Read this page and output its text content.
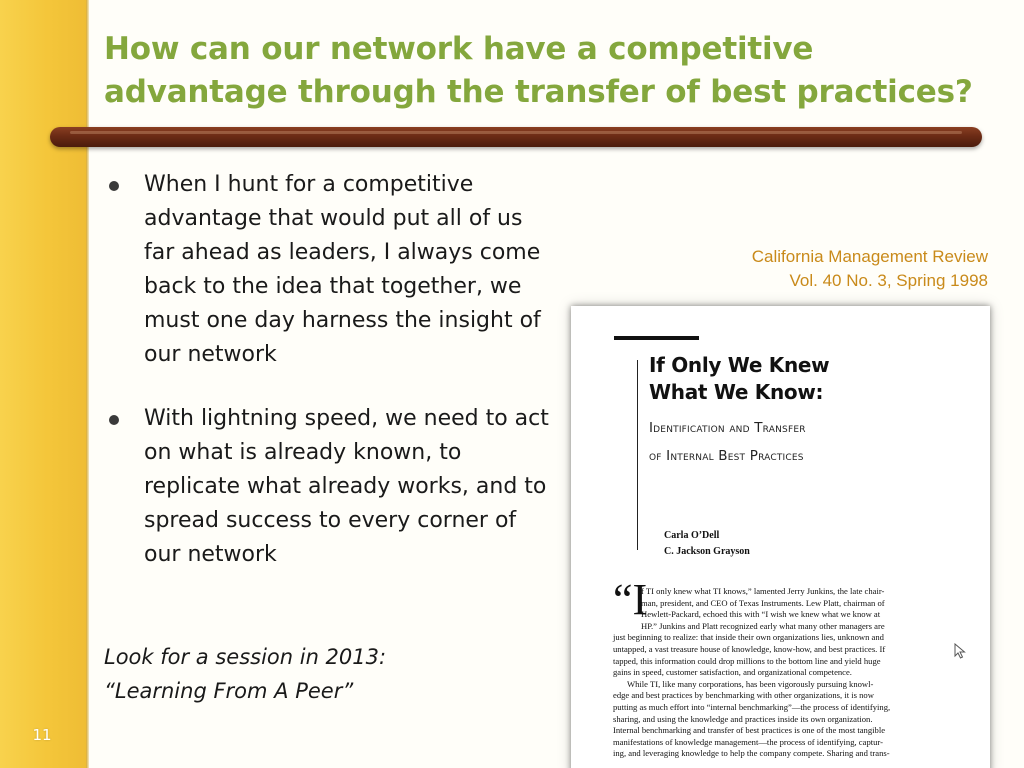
How can our network have a competitive advantage through the transfer of best practices?
When I hunt for a competitive advantage that would put all of us far ahead as leaders, I always come back to the idea that together, we must one day harness the insight of our network
With lightning speed, we need to act on what is already known, to replicate what already works, and to spread success to every corner of our network
Look for a session in 2013:
“Learning From A Peer”
California Management Review
Vol. 40 No. 3, Spring 1998
If Only We Knew
What We Know:
Identification and Transfer
of Internal Best Practices
Carla O’Dell
C. Jackson Grayson
“I
f TI only knew what TI knows,” lamented Jerry Junkins, the late chair-
man, president, and CEO of Texas Instruments. Lew Platt, chairman of
Hewlett-Packard, echoed this with “I wish we knew what we know at
HP.” Junkins and Platt recognized early what many other managers are
just beginning to realize: that inside their own organizations lies, unknown and
untapped, a vast treasure house of knowledge, know-how, and best practices. If
tapped, this information could drop millions to the bottom line and yield huge
gains in speed, customer satisfaction, and organizational competence.
While TI, like many corporations, has been vigorously pursuing knowl-
edge and best practices by benchmarking with other organizations, it is now
putting as much effort into “internal benchmarking”—the process of identifying,
sharing, and using the knowledge and practices inside its own organization.
Internal benchmarking and transfer of best practices is one of the most tangible
manifestations of knowledge management—the process of identifying, captur-
ing, and leveraging knowledge to help the company compete. Sharing and trans-
11
